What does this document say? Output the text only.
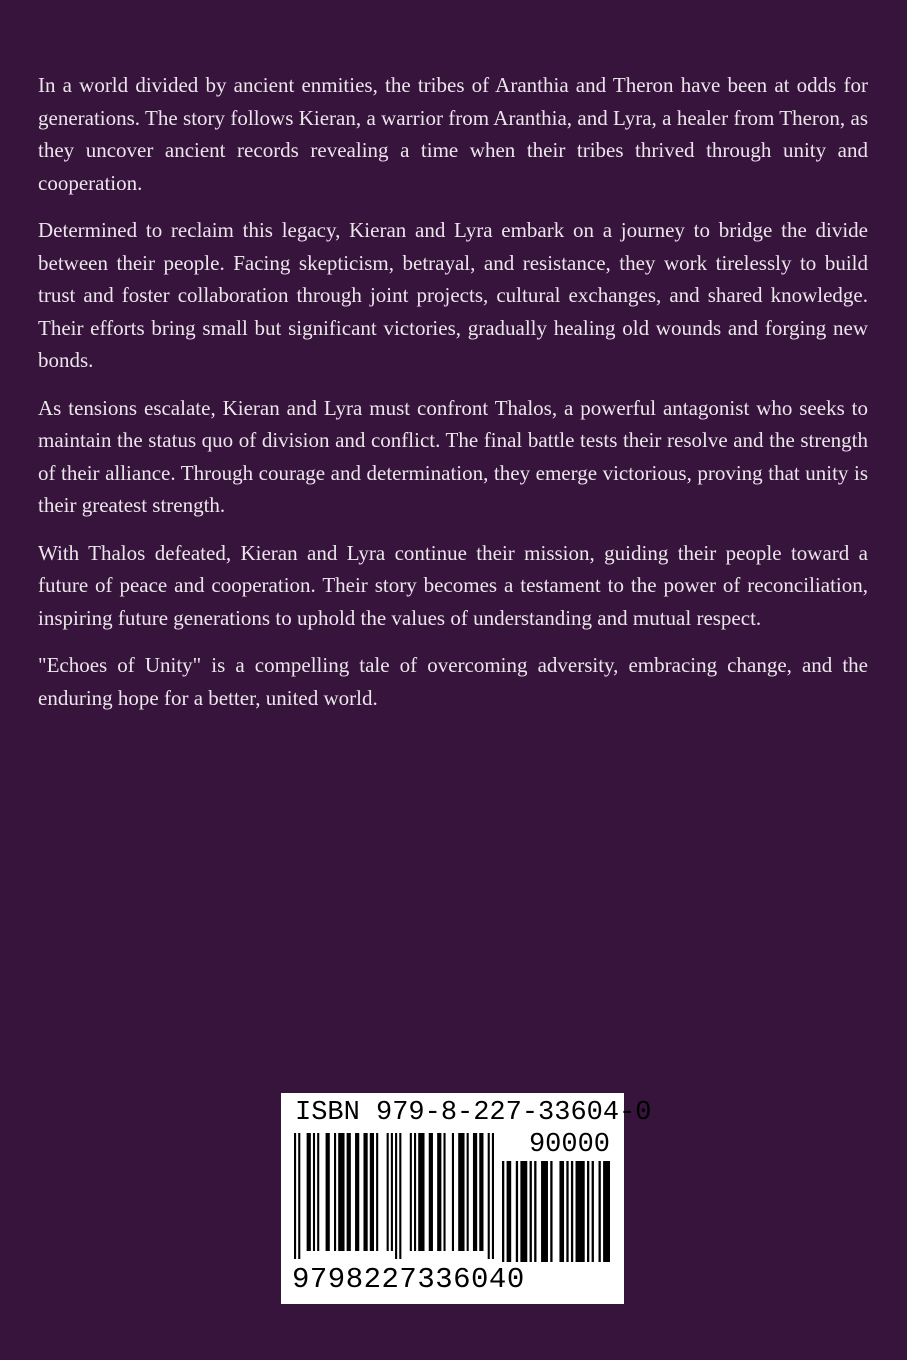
In a world divided by ancient enmities, the tribes of Aranthia and Theron have been at odds for generations. The story follows Kieran, a warrior from Aranthia, and Lyra, a healer from Theron, as they uncover ancient records revealing a time when their tribes thrived through unity and cooperation.

Determined to reclaim this legacy, Kieran and Lyra embark on a journey to bridge the divide between their people. Facing skepticism, betrayal, and resistance, they work tirelessly to build trust and foster collaboration through joint projects, cultural exchanges, and shared knowledge. Their efforts bring small but significant victories, gradually healing old wounds and forging new bonds.

As tensions escalate, Kieran and Lyra must confront Thalos, a powerful antagonist who seeks to maintain the status quo of division and conflict. The final battle tests their resolve and the strength of their alliance. Through courage and determination, they emerge victorious, proving that unity is their greatest strength.

With Thalos defeated, Kieran and Lyra continue their mission, guiding their people toward a future of peace and cooperation. Their story becomes a testament to the power of reconciliation, inspiring future generations to uphold the values of understanding and mutual respect.

"Echoes of Unity" is a compelling tale of overcoming adversity, embracing change, and the enduring hope for a better, united world.

ISBN 979-8-227-33604-0
90000
9798227336040
